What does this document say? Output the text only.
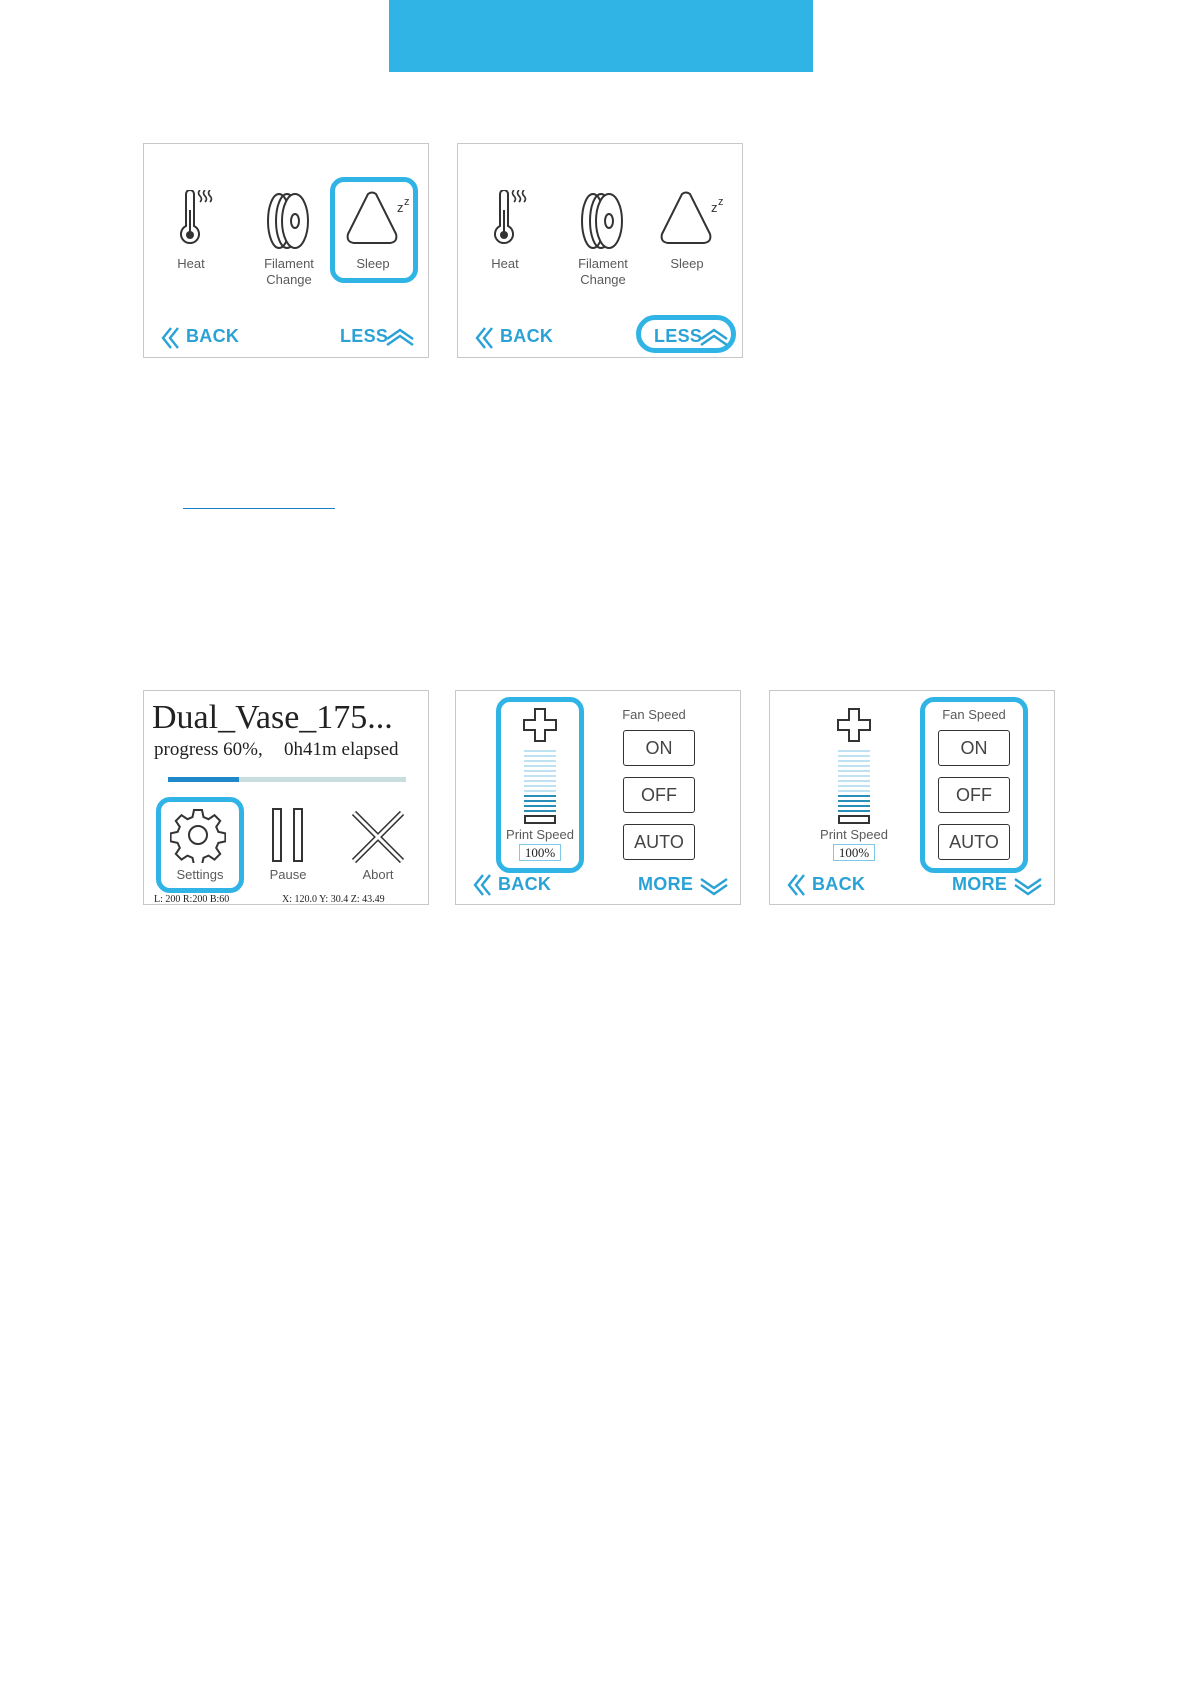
Heat	Filament
Change
z z
Sleep
BACK	LESS
Heat	Filament
Change
z z
Sleep
BACK	LESS
Dual_Vase_175...
progress 60%, 0h41m elapsed
Settings	Pause	Abort
L: 200 R:200 B:60	X: 120.0 Y: 30.4 Z: 43.49
Print Speed
100%
Fan Speed
ON
OFF
AUTO
BACK	MORE
Print Speed
100%
Fan Speed
ON
OFF
AUTO
BACK	MORE
